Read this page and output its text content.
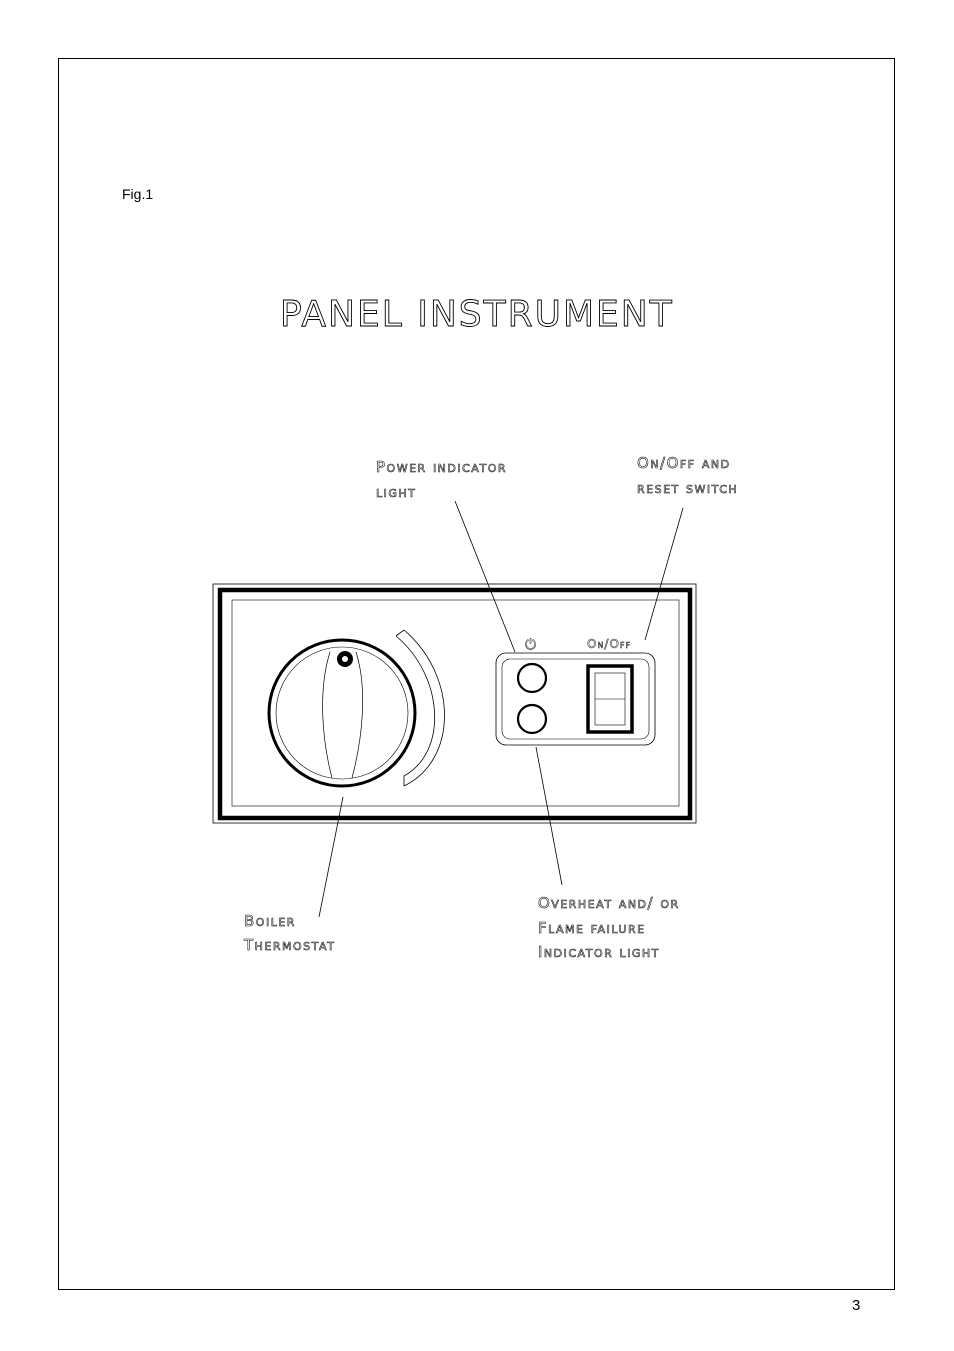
Fig.1
PANEL INSTRUMENT
Power indicator
light
On/Off and
reset switch
Boiler
Thermostat
Overheat and/ or
Flame failure
Indicator light
⏻	On/Off
3
